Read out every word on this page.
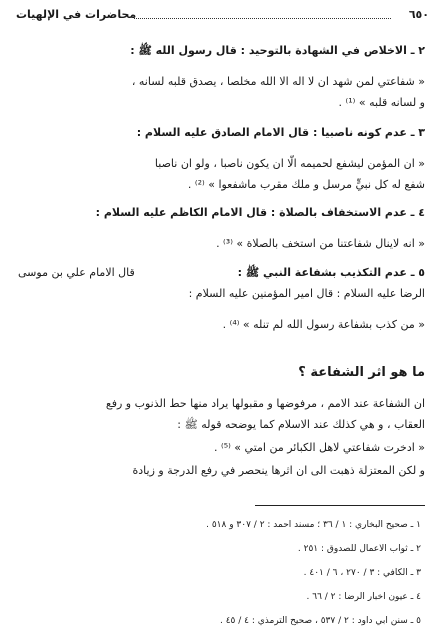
٦٥٠
محاضرات في الإلهيات
٢ ـ الاخلاص في الشهادة بالتوحيد : قال رسول الله ﷺ :
« شفاعتي لمن شهد ان لا اله الا الله مخلصا ، يصدق قلبه لسانه ،
و لسانه قلبه » ⁽¹⁾ .
٣ ـ عدم كونه ناصبيا : قال الامام الصادق عليه السلام :
« ان المؤمن ليشفع لحميمه الّا ان يكون ناصبا ، ولو ان ناصبا
شفع له كل نبيٍّ مرسل و ملك مقرب ماشفعوا » ⁽²⁾ .
٤ ـ عدم الاستخفاف بالصلاة : قال الامام الكاظم عليه السلام :
« انه لاينال شفاعتنا من استخف بالصلاة » ⁽³⁾ .
٥ ـ عدم التكذيب بشفاعة النبي ﷺ :
قال الامام علي بن موسى
الرضا عليه السلام : قال امير المؤمنين عليه السلام :
« من كذب بشفاعة رسول الله لم تنله » ⁽⁴⁾ .
ما هو اثر الشفاعة ؟
ان الشفاعة عند الامم ، مرفوضها و مقبولها يراد منها حط الذنوب و رفع
العقاب ، و هي كذلك عند الاسلام كما يوضحه قوله ﷺ :
« ادخرت شفاعتي لاهل الكبائر من امتي » ⁽⁵⁾ .
و لكن المعتزلة ذهبت الى ان اثرها ينحصر في رفع الدرجة و زيادة
١ ـ صحيح البخاري : ١ / ٣٦ ؛ مسند احمد : ٢ / ٣٠٧ و ٥١٨ .
٢ ـ ثواب الاعمال للصدوق : ٢٥١ .
٣ ـ الكافي : ٣ / ٢٧٠ ، ٦ / ٤٠١ .
٤ ـ عيون اخبار الرضا : ٢ / ٦٦ .
٥ ـ سنن ابي داود : ٢ / ٥٣٧ ، صحيح الترمذي : ٤ / ٤٥ .
